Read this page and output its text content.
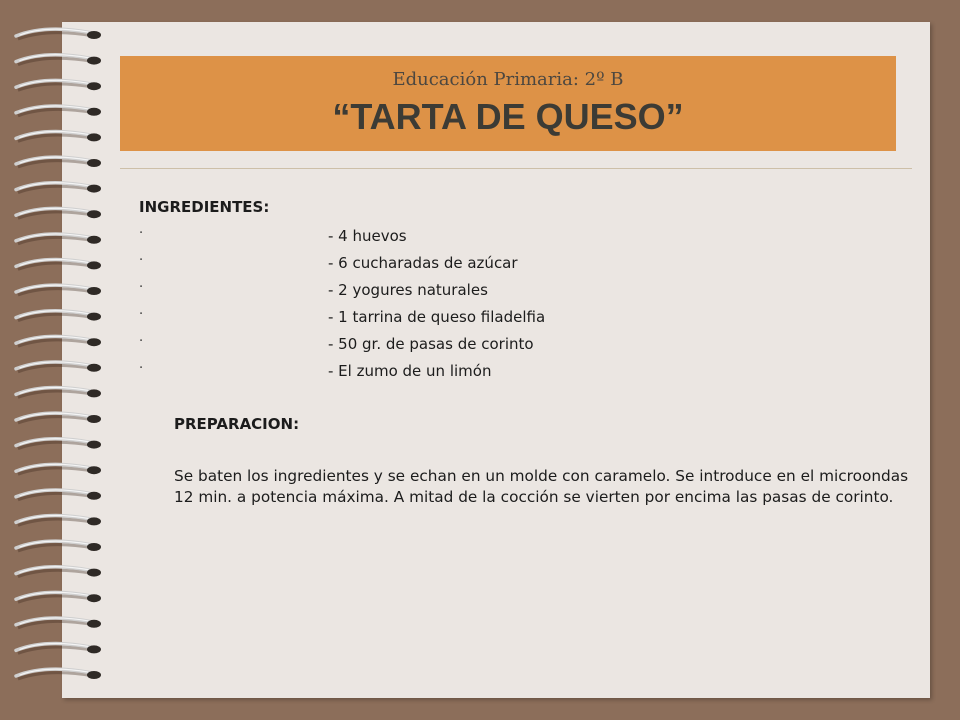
Educación Primaria: 2º B
“TARTA DE QUESO”
INGREDIENTES:
·	- 4 huevos
·	- 6 cucharadas de azúcar
·	- 2 yogures naturales
·	- 1 tarrina de queso filadelfia
·	- 50 gr. de pasas de corinto
·	- El zumo de un limón
PREPARACION:
Se baten los ingredientes y se echan en un molde con caramelo. Se introduce en el microondas 12 min. a potencia máxima. A mitad de la cocción se vierten por encima las pasas de corinto.
